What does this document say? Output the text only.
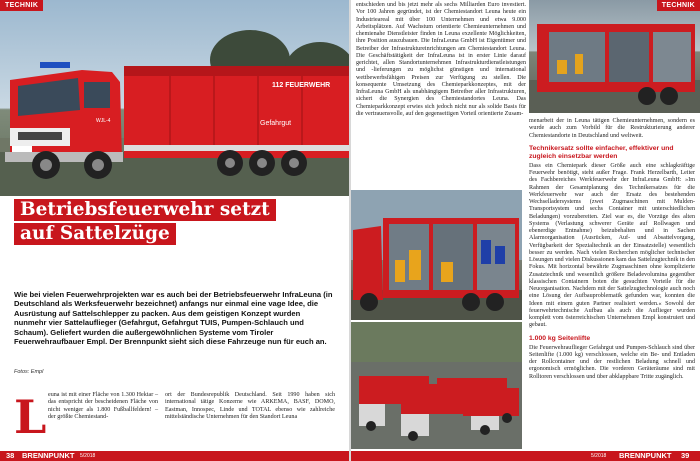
112 FEUERWEHR
Gefahrgut
WJL-4
TECHNIK
Betriebsfeuerwehr setzt
auf Sattelzüge

Wie bei vielen Feuerwehrprojekten war es auch bei der Betriebsfeuerwehr InfraLeuna (in Deutschland als Werksfeuerwehr bezeichnet) anfangs nur einmal eine vage Idee, die Ausrüstung auf Sattelschlepper zu packen. Aus dem geistigen Konzept wurden nunmehr vier Sattelauflieger (Gefahrgut, Gefahrgut TUIS, Pumpen-Schlauch und Schaum). Geliefert wurden die außergewöhnlichen Systeme vom Tiroler Feuerwehraufbauer Empl. Der Brennpunkt sieht sich diese Fahrzeuge nun für euch an.

Fotos: Empl
L euna ist mit einer Fläche von 1.300 Hektar – das entspricht der bescheidenen Fläche von nicht weniger als 1.800 Fußballfeldern! – der größte Chemiestand-

ort der Bundesrepublik Deutschland. Seit 1990 haben sich international tätige Konzerne wie ARKEMA, BASF, DOMO, Eastman, Innospec, Linde und TOTAL ebenso wie zahlreiche mittelständische Unternehmen für den Standort Leuna

38 BRENNPUNKT 5/2018

entschieden und bis jetzt mehr als sechs Milliarden Euro investiert. Vor 100 Jahren gegründet, ist der Chemiestandort Leuna heute ein Industrieareal mit über 100 Unternehmen und etwa 9.000 Arbeitsplätzen. Auf Wachstum orientierte Chemieunternehmen und chemienahe Dienstleister finden in Leuna exzellente Möglichkeiten, ihre Position auszubauen. Die InfraLeuna GmbH ist Eigentümer und Betreiber der Infrastruktureinrichtungen am Chemiestandort Leuna. Die Geschäftstätigkeit der InfraLeuna ist in erster Linie darauf gerichtet, allen Standortunternehmen Infrastrukturdienstleistungen und -lieferungen zu möglichst günstigen und international wettbewerbsfähigen Preisen zur Verfügung zu stellen. Die konsequente Umsetzung des Chemieparkkonzeptes, mit der InfraLeuna GmbH als unabhängigem Betreiber aller Infrastrukturen, sichert die Synergien des Chemiestandortes Leuna. Das Chemieparkkonzept erwies sich jedoch nicht nur als solide Basis für die vertrauensvolle, auf den gegenseitigen Vorteil orientierte Zusam-

TECHNIK

menarbeit der in Leuna tätigen Chemieunternehmen, sondern es wurde auch zum Vorbild für die Restrukturierung anderer Chemiestandorte in Deutschland und weltweit.

Technikersatz sollte einfacher, effektiver und zugleich einsetzbar werden

Dass ein Chemiepark dieser Größe auch eine schlagkräftige Feuerwehr benötigt, steht außer Frage. Frank Herzelbarth, Leiter des Fachbereiches Werkfeuerwehr der InfraLeuna GmbH: »Im Rahmen der Gesamtplanung des Technikersatzes für die Werkfeuerwehr war auch der Ersatz des bestehenden Wechselladersystems (zwei Zugmaschinen mit Mulden-Transportsystem und sechs Container mit unterschiedlichen Beladungen) vorzubereiten. Ziel war es, die Vorzüge des alten Systems (Verlastung schwerer Geräte auf Rollwagen und ebenerdige Entnahme) beizubehalten und in Sachen Alarmorganisation (Ausrücken, Auf- und Absattelvorgang, Verfügbarkeit der Spezialtechnik an der Einsatzstelle) wesentlich besser zu werden. Nach vielen Recherchen möglicher technischer Lösungen und vielen Diskussionen kam das Sattelzugtechnik in den Fokus. Mit horizontal bewährte Zugmaschinen ohne komplizierte Zusatztechnik und wesentlich größere Beladevolumina gegenüber klassischen Containern boten die gesuchten Vorteile für die Neuorganisation. Nachdem mit der Sattelzugtechnologie auch noch eine Lösung der Aufbauproblematik gefunden war, konnten die Ideen mit einem guten Partner realisiert werden.« Sowohl der feuerwehrtechnische Aufbau als auch die Auflieger wurden komplett vom österreichischen Unternehmen Empl konstruiert und gebaut.

1.000 kg Seitenlifte

Die Feuerwehrauflieger Gefahrgut und Pumpen-Schlauch sind über Seitenlifte (1.000 kg) verschlossen, welche ein Be- und Entladen der Rollcontainer und der restlichen Beladung schnell und ergonomisch ermöglichen. Die vorderen Geräteräume sind mit Rolltoren verschlossen und über abklappbare Tritte zugänglich.

5/2018 BRENNPUNKT 39
